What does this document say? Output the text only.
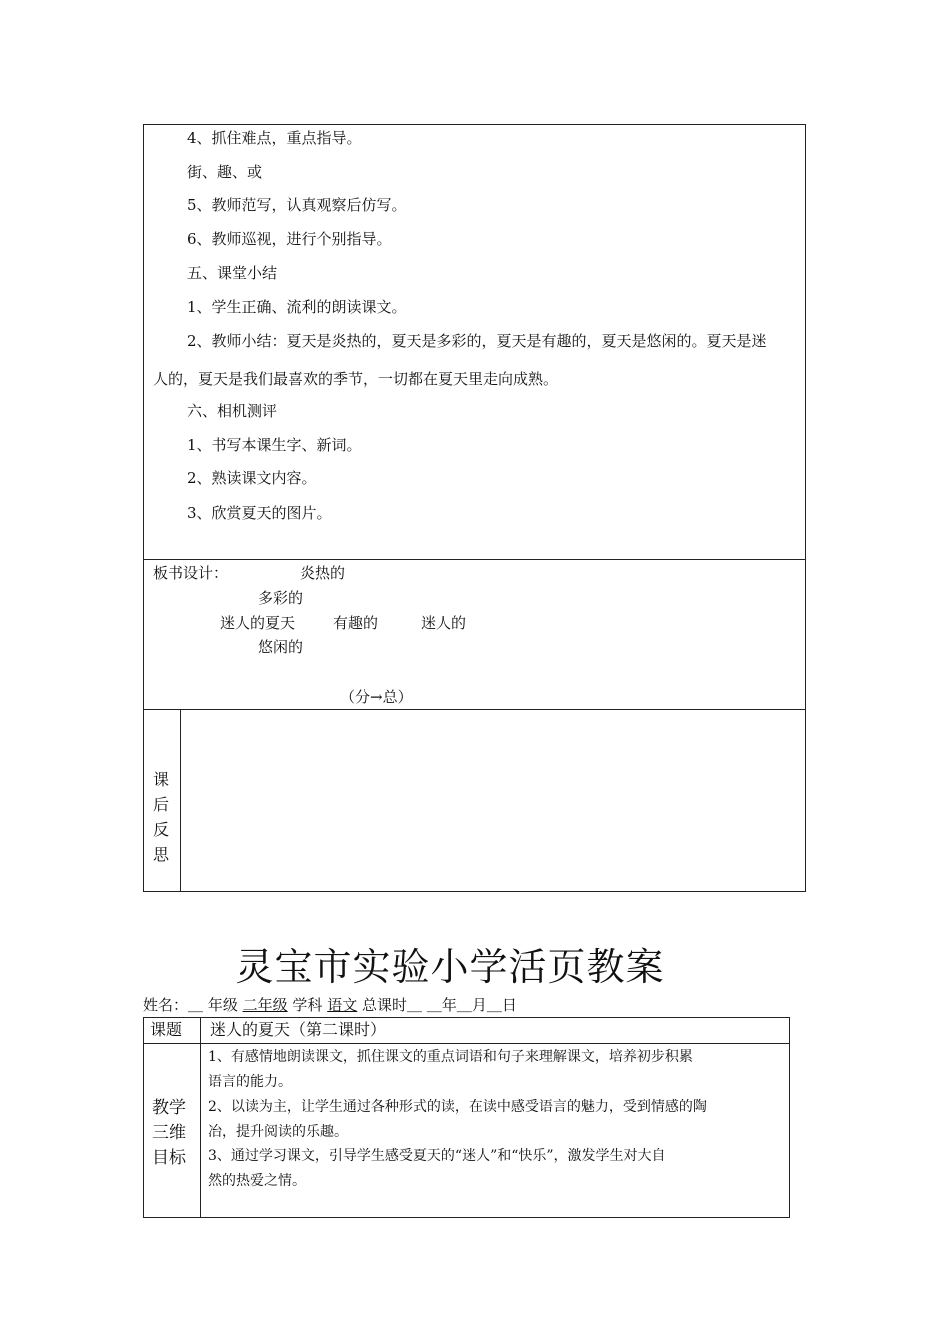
4、抓住难点，重点指导。
街、趣、或
5、教师范写，认真观察后仿写。
6、教师巡视，进行个别指导。
五、课堂小结
1、学生正确、流利的朗读课文。
2、教师小结：夏天是炎热的，夏天是多彩的，夏天是有趣的，夏天是悠闲的。夏天是迷
人的，夏天是我们最喜欢的季节，一切都在夏天里走向成熟。
六、相机测评
1、书写本课生字、新词。
2、熟读课文内容。
3、欣赏夏天的图片。
板书设计：	炎热的
多彩的
迷人的夏天	有趣的	迷人的
悠闲的
（分→总）
课
后
反
思
灵宝市实验小学活页教案
姓名：＿ 年级 二年级 学科 语文 总课时＿ ＿年＿月＿日
课题 迷人的夏天（第二课时）
教学
三维
目标
1、有感情地朗读课文，抓住课文的重点词语和句子来理解课文，培养初步积累
语言的能力。
2、以读为主，让学生通过各种形式的读，在读中感受语言的魅力，受到情感的陶
冶，提升阅读的乐趣。
3、通过学习课文，引导学生感受夏天的“迷人”和“快乐”，激发学生对大自
然的热爱之情。
